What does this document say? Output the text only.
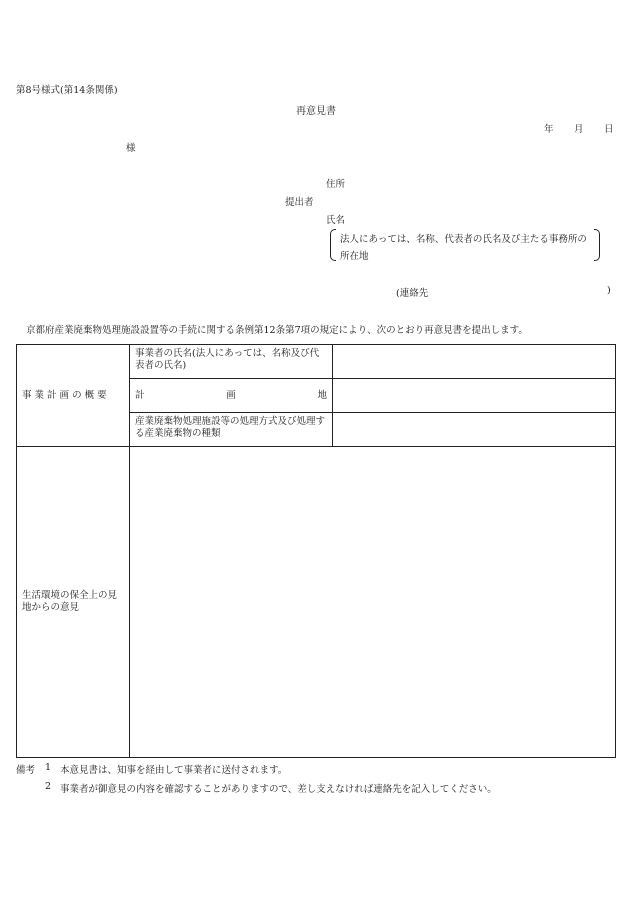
第8号様式(第14条関係)
再意見書
年 月 日
様
住所
提出者
氏名
法人にあっては、名称、代表者の氏名及び主たる事務所の
所在地
(連絡先	)
京都府産業廃棄物処理施設設置等の手続に関する条例第12条第7項の規定により、次のとおり再意見書を提出します。
事 業 計 画 の 概 要	事業者の氏名(法人にあっては、名称及び代表者の氏名)	

	計 画 地	

	産業廃棄物処理施設等の処理方式及び処理する産業廃棄物の種類	
生活環境の保全上の見地からの意見		
備考 1 本意見書は、知事を経由して事業者に送付されます。
2 事業者が御意見の内容を確認することがありますので、差し支えなければ連絡先を記入してください。
